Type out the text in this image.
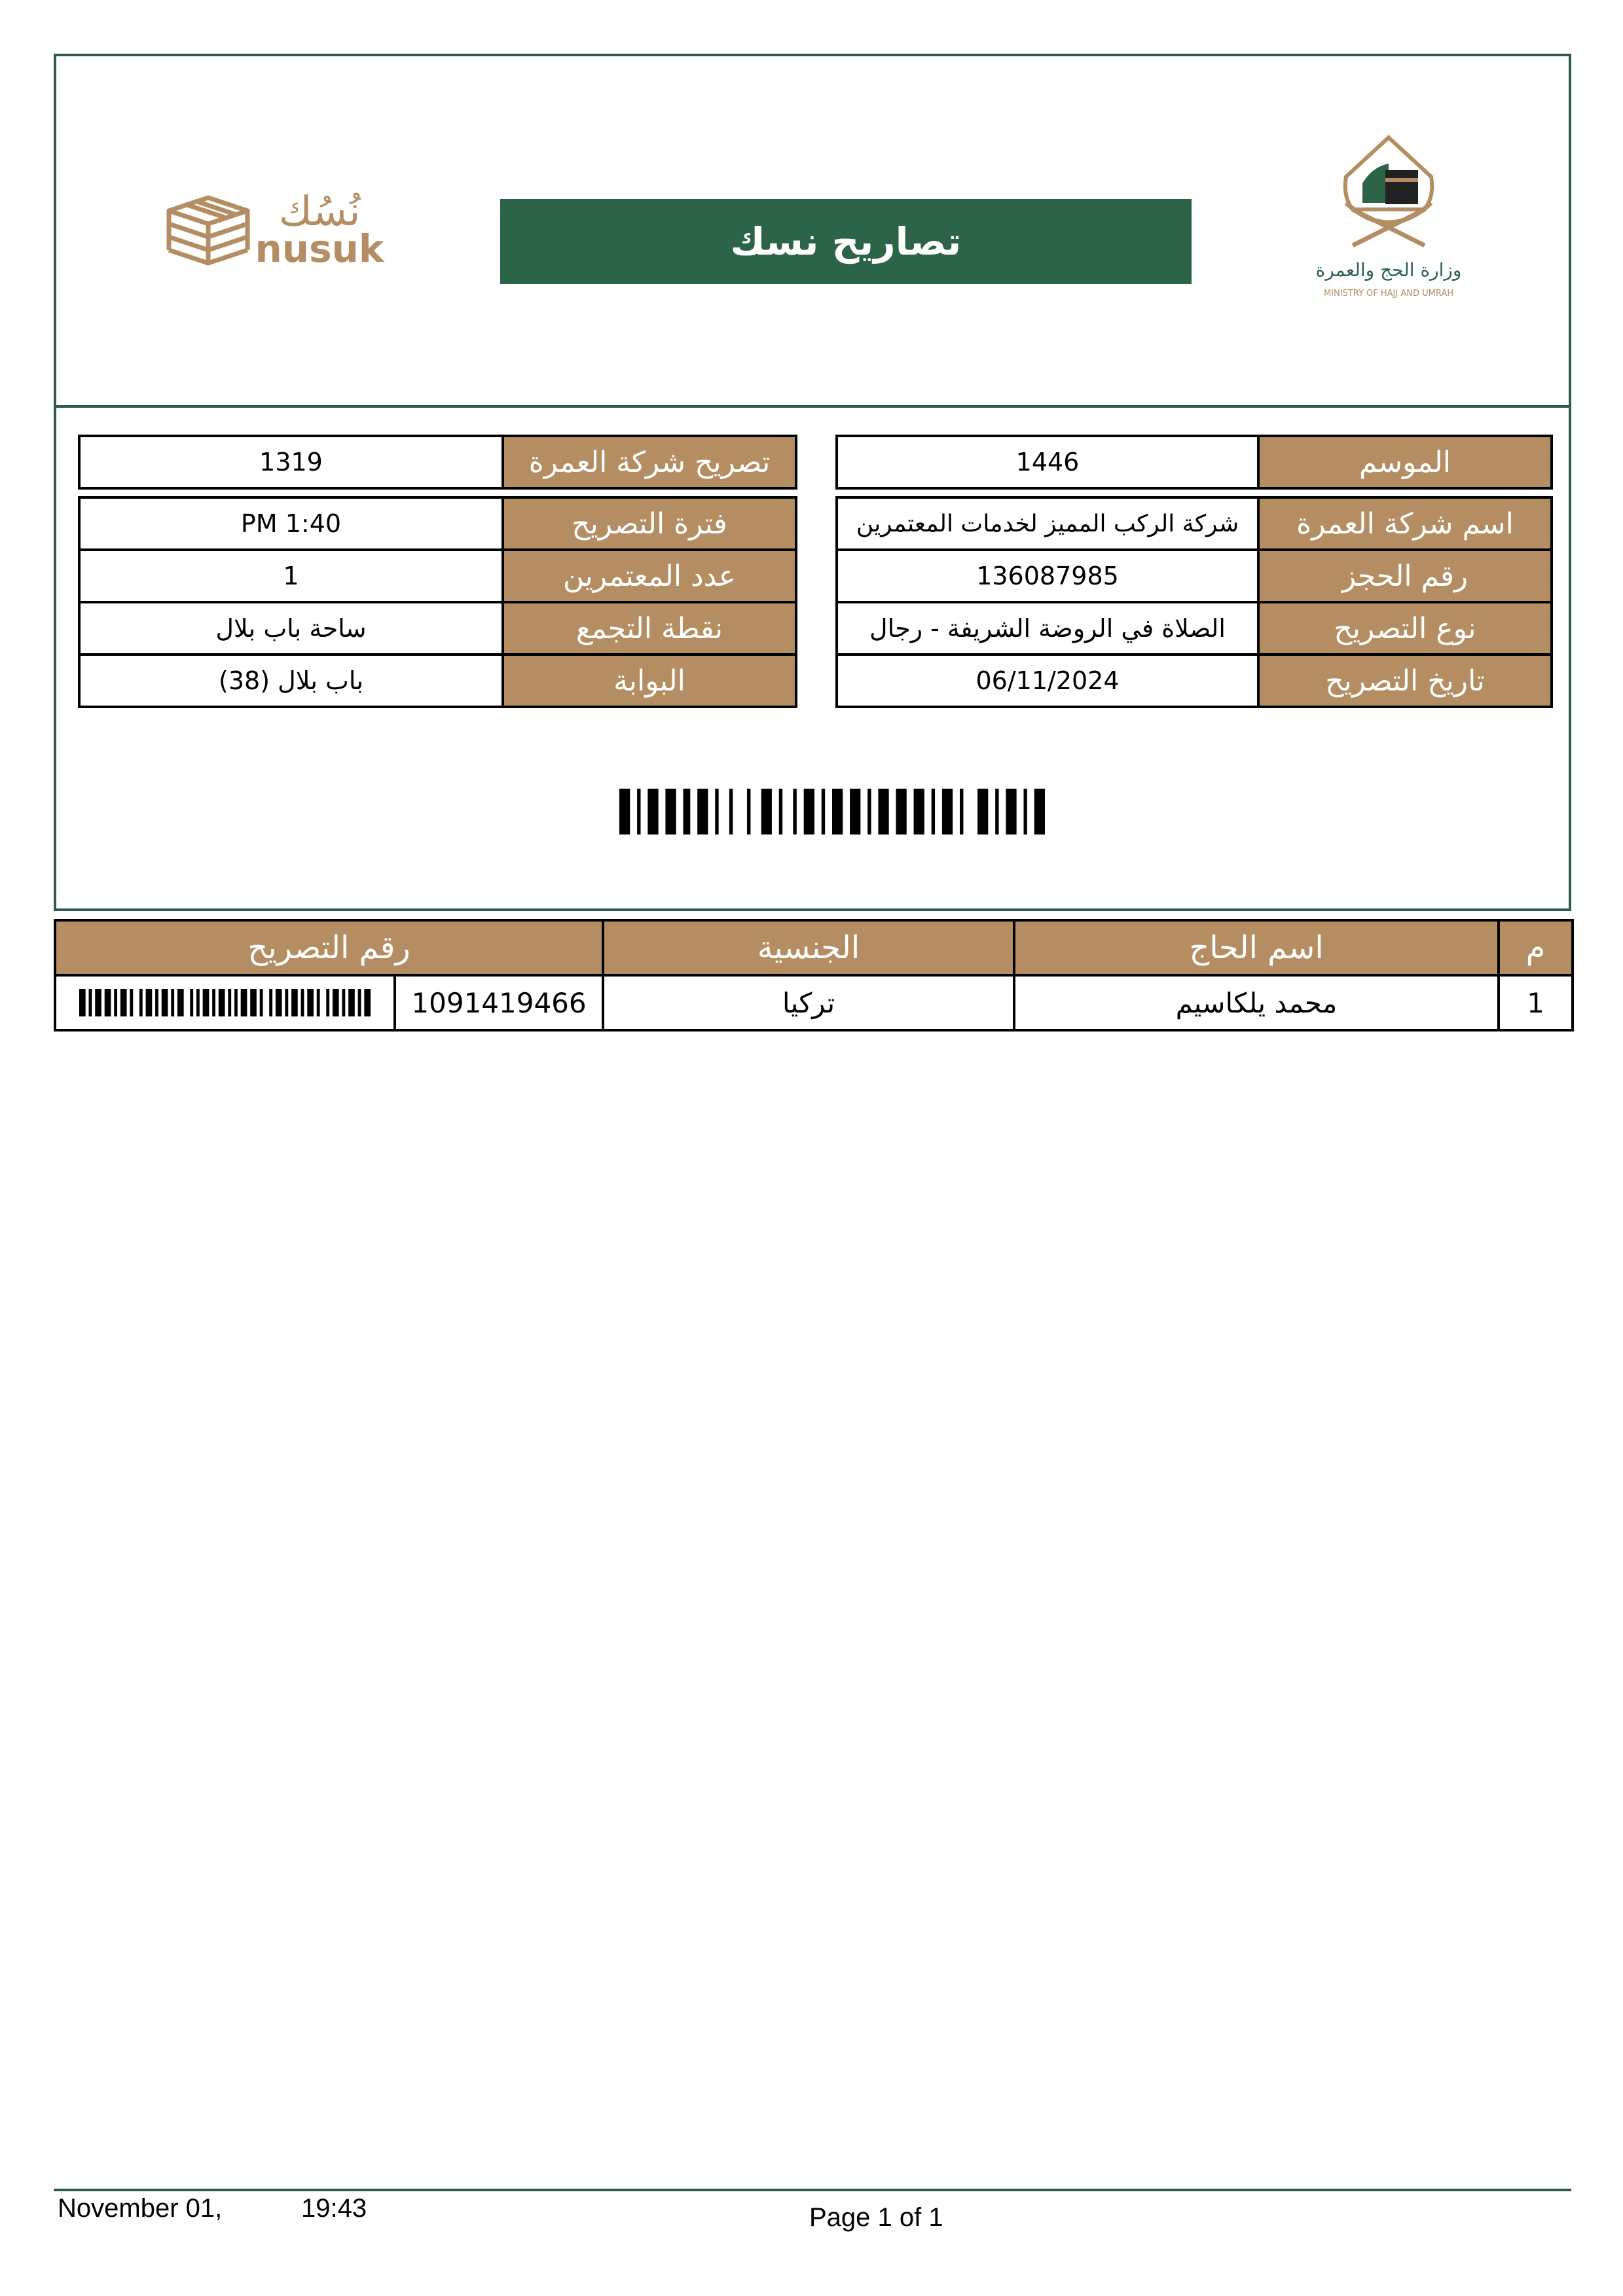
نُسُك
nusuk	تصاريح نسك
وزارة الحج والعمرة
MINISTRY OF HAJJ AND UMRAH
الموسم	1446

اسم شركة العمرة	شركة الركب المميز لخدمات المعتمرين
رقم الحجز	136087985
نوع التصريح	الصلاة في الروضة الشريفة - رجال
تاريخ التصريح	06/11/2024
تصريح شركة العمرة	1319

فترة التصريح	1:40 PM
عدد المعتمرين	1
نقطة التجمع	ساحة باب بلال
البوابة	باب بلال (38)
م	اسم الحاج	الجنسية	رقم التصريح	
1	محمد يلكاسيم	تركيا	1091419466	
November 01,	19:43	Page 1 of 1
